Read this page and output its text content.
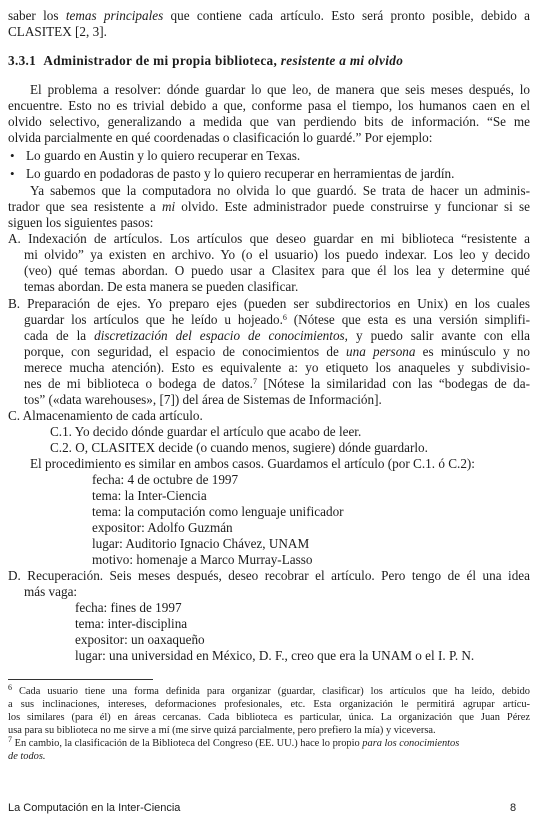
saber los temas principales que contiene cada artículo. Esto será pronto posible, debido a
CLASITEX [2, 3].
3.3.1 Administrador de mi propia biblioteca, resistente a mi olvido
El problema a resolver: dónde guardar lo que leo, de manera que seis meses después, lo
encuentre. Esto no es trivial debido a que, conforme pasa el tiempo, los humanos caen en el
olvido selectivo, generalizando a medida que van perdiendo bits de información. “Se me
olvida parcialmente en qué coordenadas o clasificación lo guardé.” Por ejemplo:
• Lo guardo en Austin y lo quiero recuperar en Texas.
• Lo guardo en podadoras de pasto y lo quiero recuperar en herramientas de jardín.
Ya sabemos que la computadora no olvida lo que guardó. Se trata de hacer un adminis-
trador que sea resistente a mi olvido. Este administrador puede construirse y funcionar si se
siguen los siguientes pasos:
A. Indexación de artículos. Los artículos que deseo guardar en mi biblioteca “resistente a
mi olvido” ya existen en archivo. Yo (o el usuario) los puedo indexar. Los leo y decido
(veo) qué temas abordan. O puedo usar a Clasitex para que él los lea y determine qué
temas abordan. De esta manera se pueden clasificar.
B. Preparación de ejes. Yo preparo ejes (pueden ser subdirectorios en Unix) en los cuales
guardar los artículos que he leído u hojeado.$^6$ (Nótese que esta es una versión simplifi-
cada de la discretización del espacio de conocimientos, y puedo salir avante con ella
porque, con seguridad, el espacio de conocimientos de una persona es minúsculo y no
merece mucha atención). Esto es equivalente a: yo etiqueto los anaqueles y subdivisio-
nes de mi biblioteca o bodega de datos.$^7$ [Nótese la similaridad con las “bodegas de da-
tos” («data warehouses», [7]) del área de Sistemas de Información].
C. Almacenamiento de cada artículo.
C.1. Yo decido dónde guardar el artículo que acabo de leer.
C.2. O, CLASITEX decide (o cuando menos, sugiere) dónde guardarlo.
El procedimiento es similar en ambos casos. Guardamos el artículo (por C.1. ó C.2):
fecha: 4 de octubre de 1997
tema: la Inter-Ciencia
tema: la computación como lenguaje unificador
expositor: Adolfo Guzmán
lugar: Auditorio Ignacio Chávez, UNAM
motivo: homenaje a Marco Murray-Lasso
D. Recuperación. Seis meses después, deseo recobrar el artículo. Pero tengo de él una idea
más vaga:
fecha: fines de 1997
tema: inter-disciplina
expositor: un oaxaqueño
lugar: una universidad en México, D. F., creo que era la UNAM o el I. P. N.
$^6$ Cada usuario tiene una forma definida para organizar (guardar, clasificar) los artículos que ha leído, debido
a sus inclinaciones, intereses, deformaciones profesionales, etc. Esta organización le permitirá agrupar artícu-
los similares (para él) en áreas cercanas. Cada biblioteca es particular, única. La organización que Juan Pérez
usa para su biblioteca no me sirve a mí (me sirve quizá parcialmente, pero prefiero la mía) y viceversa.
$^7$ En cambio, la clasificación de la Biblioteca del Congreso (EE. UU.) hace lo propio para los conocimientos
de todos.
La Computación en la Inter-Ciencia	8
